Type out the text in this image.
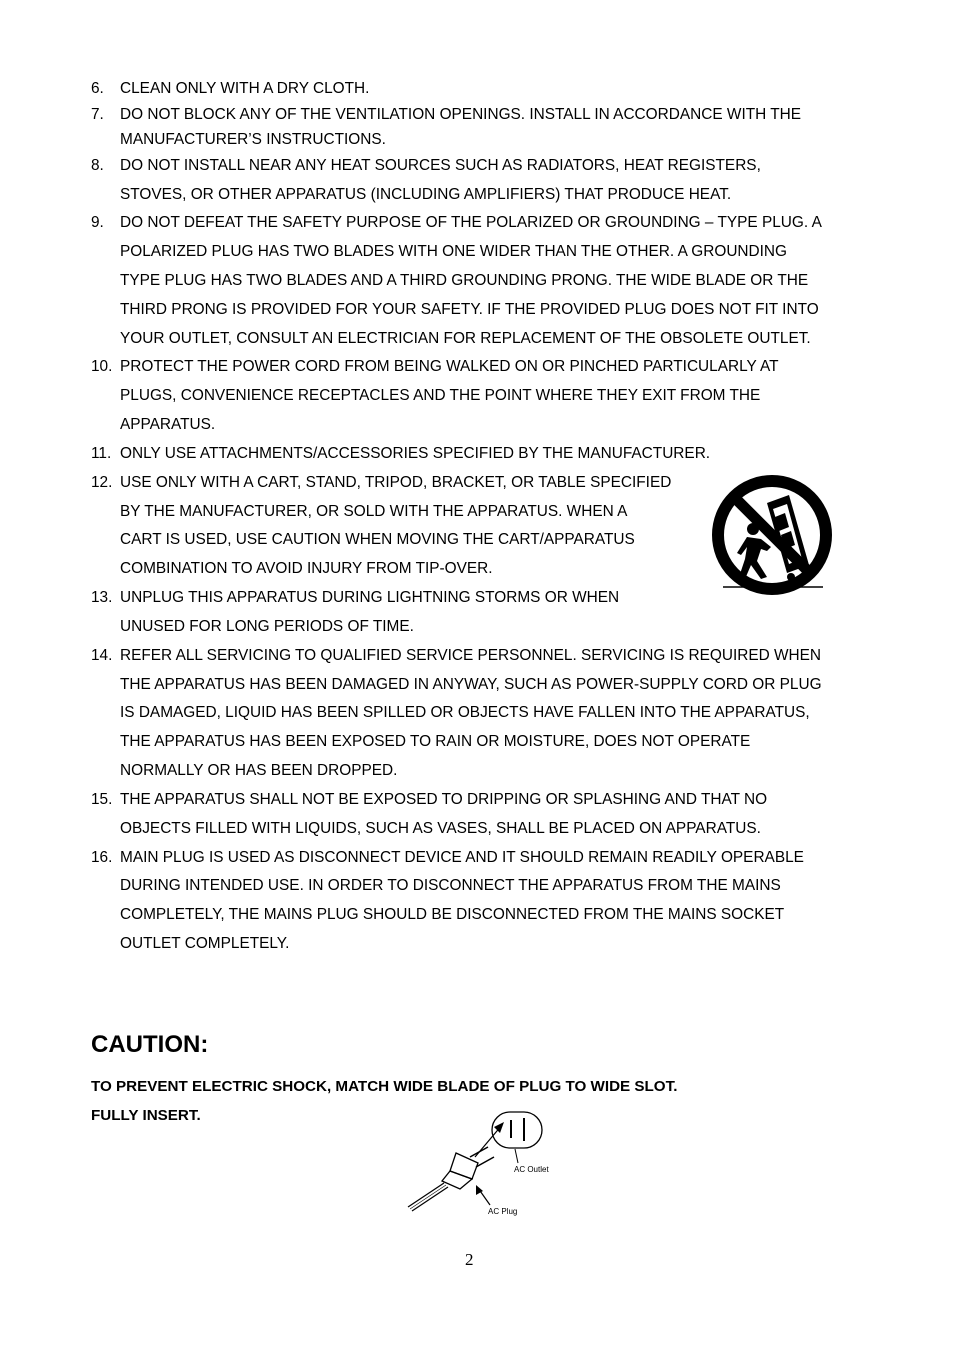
6. CLEAN ONLY WITH A DRY CLOTH.
7. DO NOT BLOCK ANY OF THE VENTILATION OPENINGS. INSTALL IN ACCORDANCE WITH THE
MANUFACTURER’S INSTRUCTIONS.
8. DO NOT INSTALL NEAR ANY HEAT SOURCES SUCH AS RADIATORS, HEAT REGISTERS,
STOVES, OR OTHER APPARATUS (INCLUDING AMPLIFIERS) THAT PRODUCE HEAT.
9. DO NOT DEFEAT THE SAFETY PURPOSE OF THE POLARIZED OR GROUNDING – TYPE PLUG. A
POLARIZED PLUG HAS TWO BLADES WITH ONE WIDER THAN THE OTHER. A GROUNDING
TYPE PLUG HAS TWO BLADES AND A THIRD GROUNDING PRONG. THE WIDE BLADE OR THE
THIRD PRONG IS PROVIDED FOR YOUR SAFETY. IF THE PROVIDED PLUG DOES NOT FIT INTO
YOUR OUTLET, CONSULT AN ELECTRICIAN FOR REPLACEMENT OF THE OBSOLETE OUTLET.
10. PROTECT THE POWER CORD FROM BEING WALKED ON OR PINCHED PARTICULARLY AT
PLUGS, CONVENIENCE RECEPTACLES AND THE POINT WHERE THEY EXIT FROM THE
APPARATUS.
11. ONLY USE ATTACHMENTS/ACCESSORIES SPECIFIED BY THE MANUFACTURER.
12. USE ONLY WITH A CART, STAND, TRIPOD, BRACKET, OR TABLE SPECIFIED
BY THE MANUFACTURER, OR SOLD WITH THE APPARATUS. WHEN A
CART IS USED, USE CAUTION WHEN MOVING THE CART/APPARATUS
COMBINATION TO AVOID INJURY FROM TIP-OVER.
13. UNPLUG THIS APPARATUS DURING LIGHTNING STORMS OR WHEN
UNUSED FOR LONG PERIODS OF TIME.
14. REFER ALL SERVICING TO QUALIFIED SERVICE PERSONNEL. SERVICING IS REQUIRED WHEN
THE APPARATUS HAS BEEN DAMAGED IN ANYWAY, SUCH AS POWER-SUPPLY CORD OR PLUG
IS DAMAGED, LIQUID HAS BEEN SPILLED OR OBJECTS HAVE FALLEN INTO THE APPARATUS,
THE APPARATUS HAS BEEN EXPOSED TO RAIN OR MOISTURE, DOES NOT OPERATE
NORMALLY OR HAS BEEN DROPPED.
15. THE APPARATUS SHALL NOT BE EXPOSED TO DRIPPING OR SPLASHING AND THAT NO
OBJECTS FILLED WITH LIQUIDS, SUCH AS VASES, SHALL BE PLACED ON APPARATUS.
16. MAIN PLUG IS USED AS DISCONNECT DEVICE AND IT SHOULD REMAIN READILY OPERABLE
DURING INTENDED USE. IN ORDER TO DISCONNECT THE APPARATUS FROM THE MAINS
COMPLETELY, THE MAINS PLUG SHOULD BE DISCONNECTED FROM THE MAINS SOCKET
OUTLET COMPLETELY.
CAUTION:
TO PREVENT ELECTRIC SHOCK, MATCH WIDE BLADE OF PLUG TO WIDE SLOT.
FULLY INSERT.
AC Outlet
AC Plug
2
